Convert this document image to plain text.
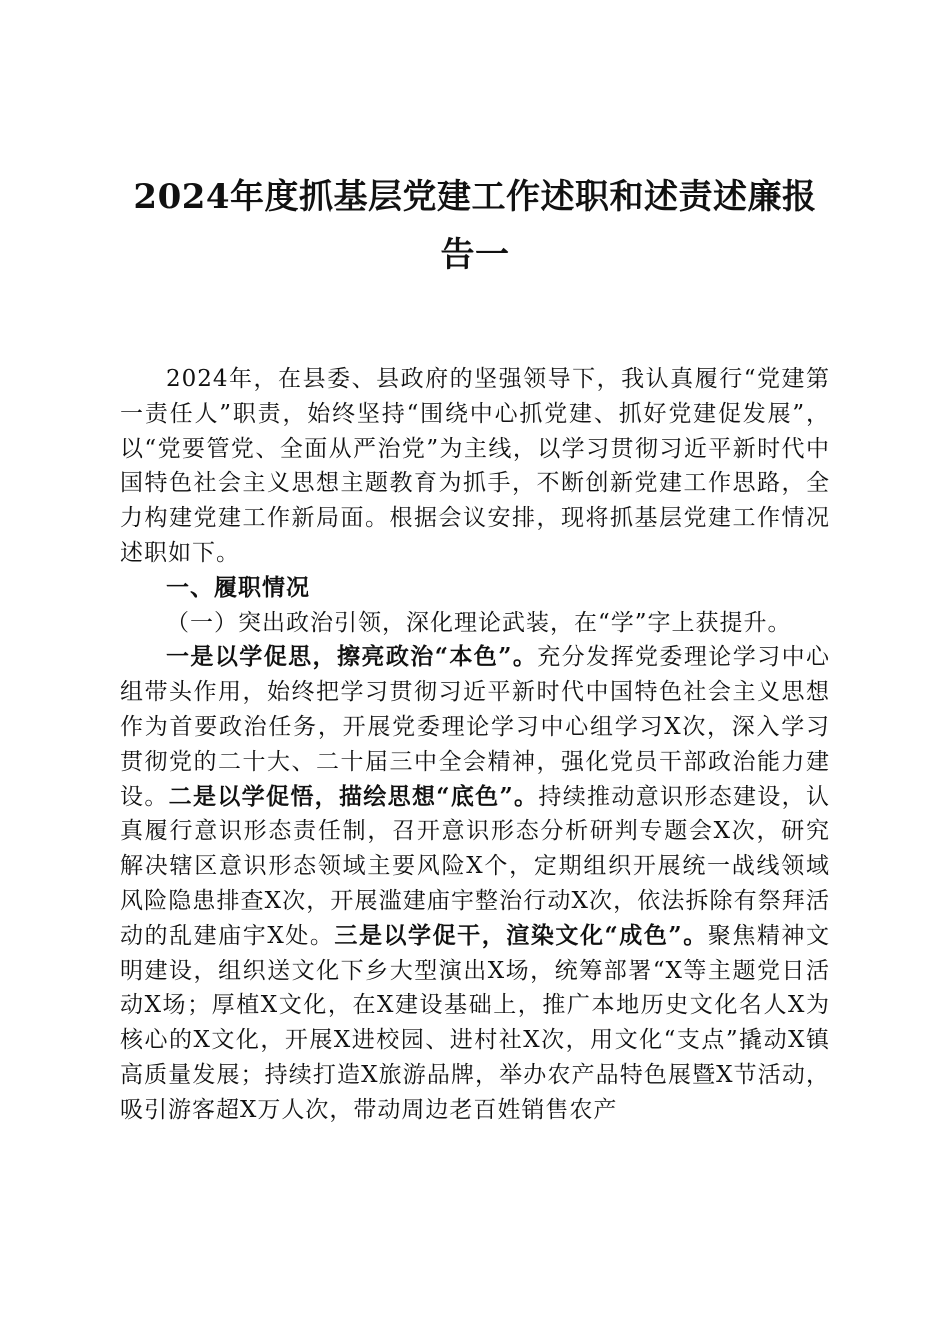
2024年度抓基层党建工作述职和述责述廉报
告一

2024年，在县委、县政府的坚强领导下，我认真履行“党建第一责任人”职责，始终坚持“围绕中心抓党建、抓好党建促发展”，以“党要管党、全面从严治党”为主线，以学习贯彻习近平新时代中国特色社会主义思想主题教育为抓手，不断创新党建工作思路，全力构建党建工作新局面。根据会议安排，现将抓基层党建工作情况述职如下。

一、履职情况

（一）突出政治引领，深化理论武装，在“学”字上获提升。

一是以学促思，擦亮政治“本色”。充分发挥党委理论学习中心组带头作用，始终把学习贯彻习近平新时代中国特色社会主义思想作为首要政治任务，开展党委理论学习中心组学习X次，深入学习贯彻党的二十大、二十届三中全会精神，强化党员干部政治能力建设。二是以学促悟，描绘思想“底色”。持续推动意识形态建设，认真履行意识形态责任制，召开意识形态分析研判专题会X次，研究解决辖区意识形态领域主要风险X个，定期组织开展统一战线领域风险隐患排查X次，开展滥建庙宇整治行动X次，依法拆除有祭拜活动的乱建庙宇X处。三是以学促干，渲染文化“成色”。聚焦精神文明建设，组织送文化下乡大型演出X场，统筹部署“X等主题党日活动X场；厚植X文化，在X建设基础上，推广本地历史文化名人X为核心的X文化，开展X进校园、进村社X次，用文化“支点”撬动X镇高质量发展；持续打造X旅游品牌，举办农产品特色展暨X节活动，吸引游客超X万人次，带动周边老百姓销售农产
